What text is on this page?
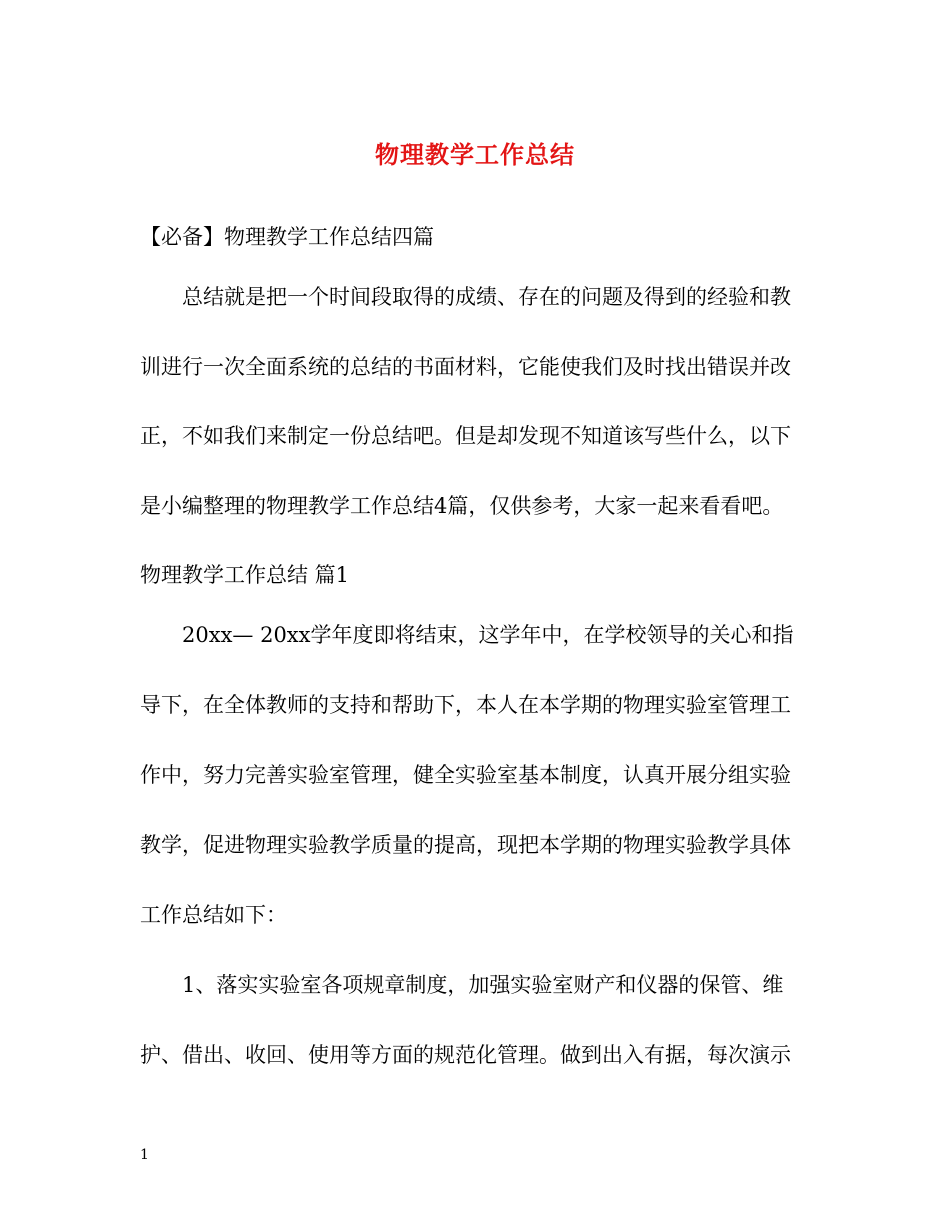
物理教学工作总结
【必备】物理教学工作总结四篇
总结就是把一个时间段取得的成绩、存在的问题及得到的经验和教
训进行一次全面系统的总结的书面材料，它能使我们及时找出错误并改
正，不如我们来制定一份总结吧。但是却发现不知道该写些什么，以下
是小编整理的物理教学工作总结4篇，仅供参考，大家一起来看看吧。
物理教学工作总结 篇1
20xx— 20xx学年度即将结束，这学年中，在学校领导的关心和指
导下，在全体教师的支持和帮助下，本人在本学期的物理实验室管理工
作中，努力完善实验室管理，健全实验室基本制度，认真开展分组实验
教学，促进物理实验教学质量的提高，现把本学期的物理实验教学具体
工作总结如下：
1、落实实验室各项规章制度，加强实验室财产和仪器的保管、维
护、借出、收回、使用等方面的规范化管理。做到出入有据，每次演示
1
